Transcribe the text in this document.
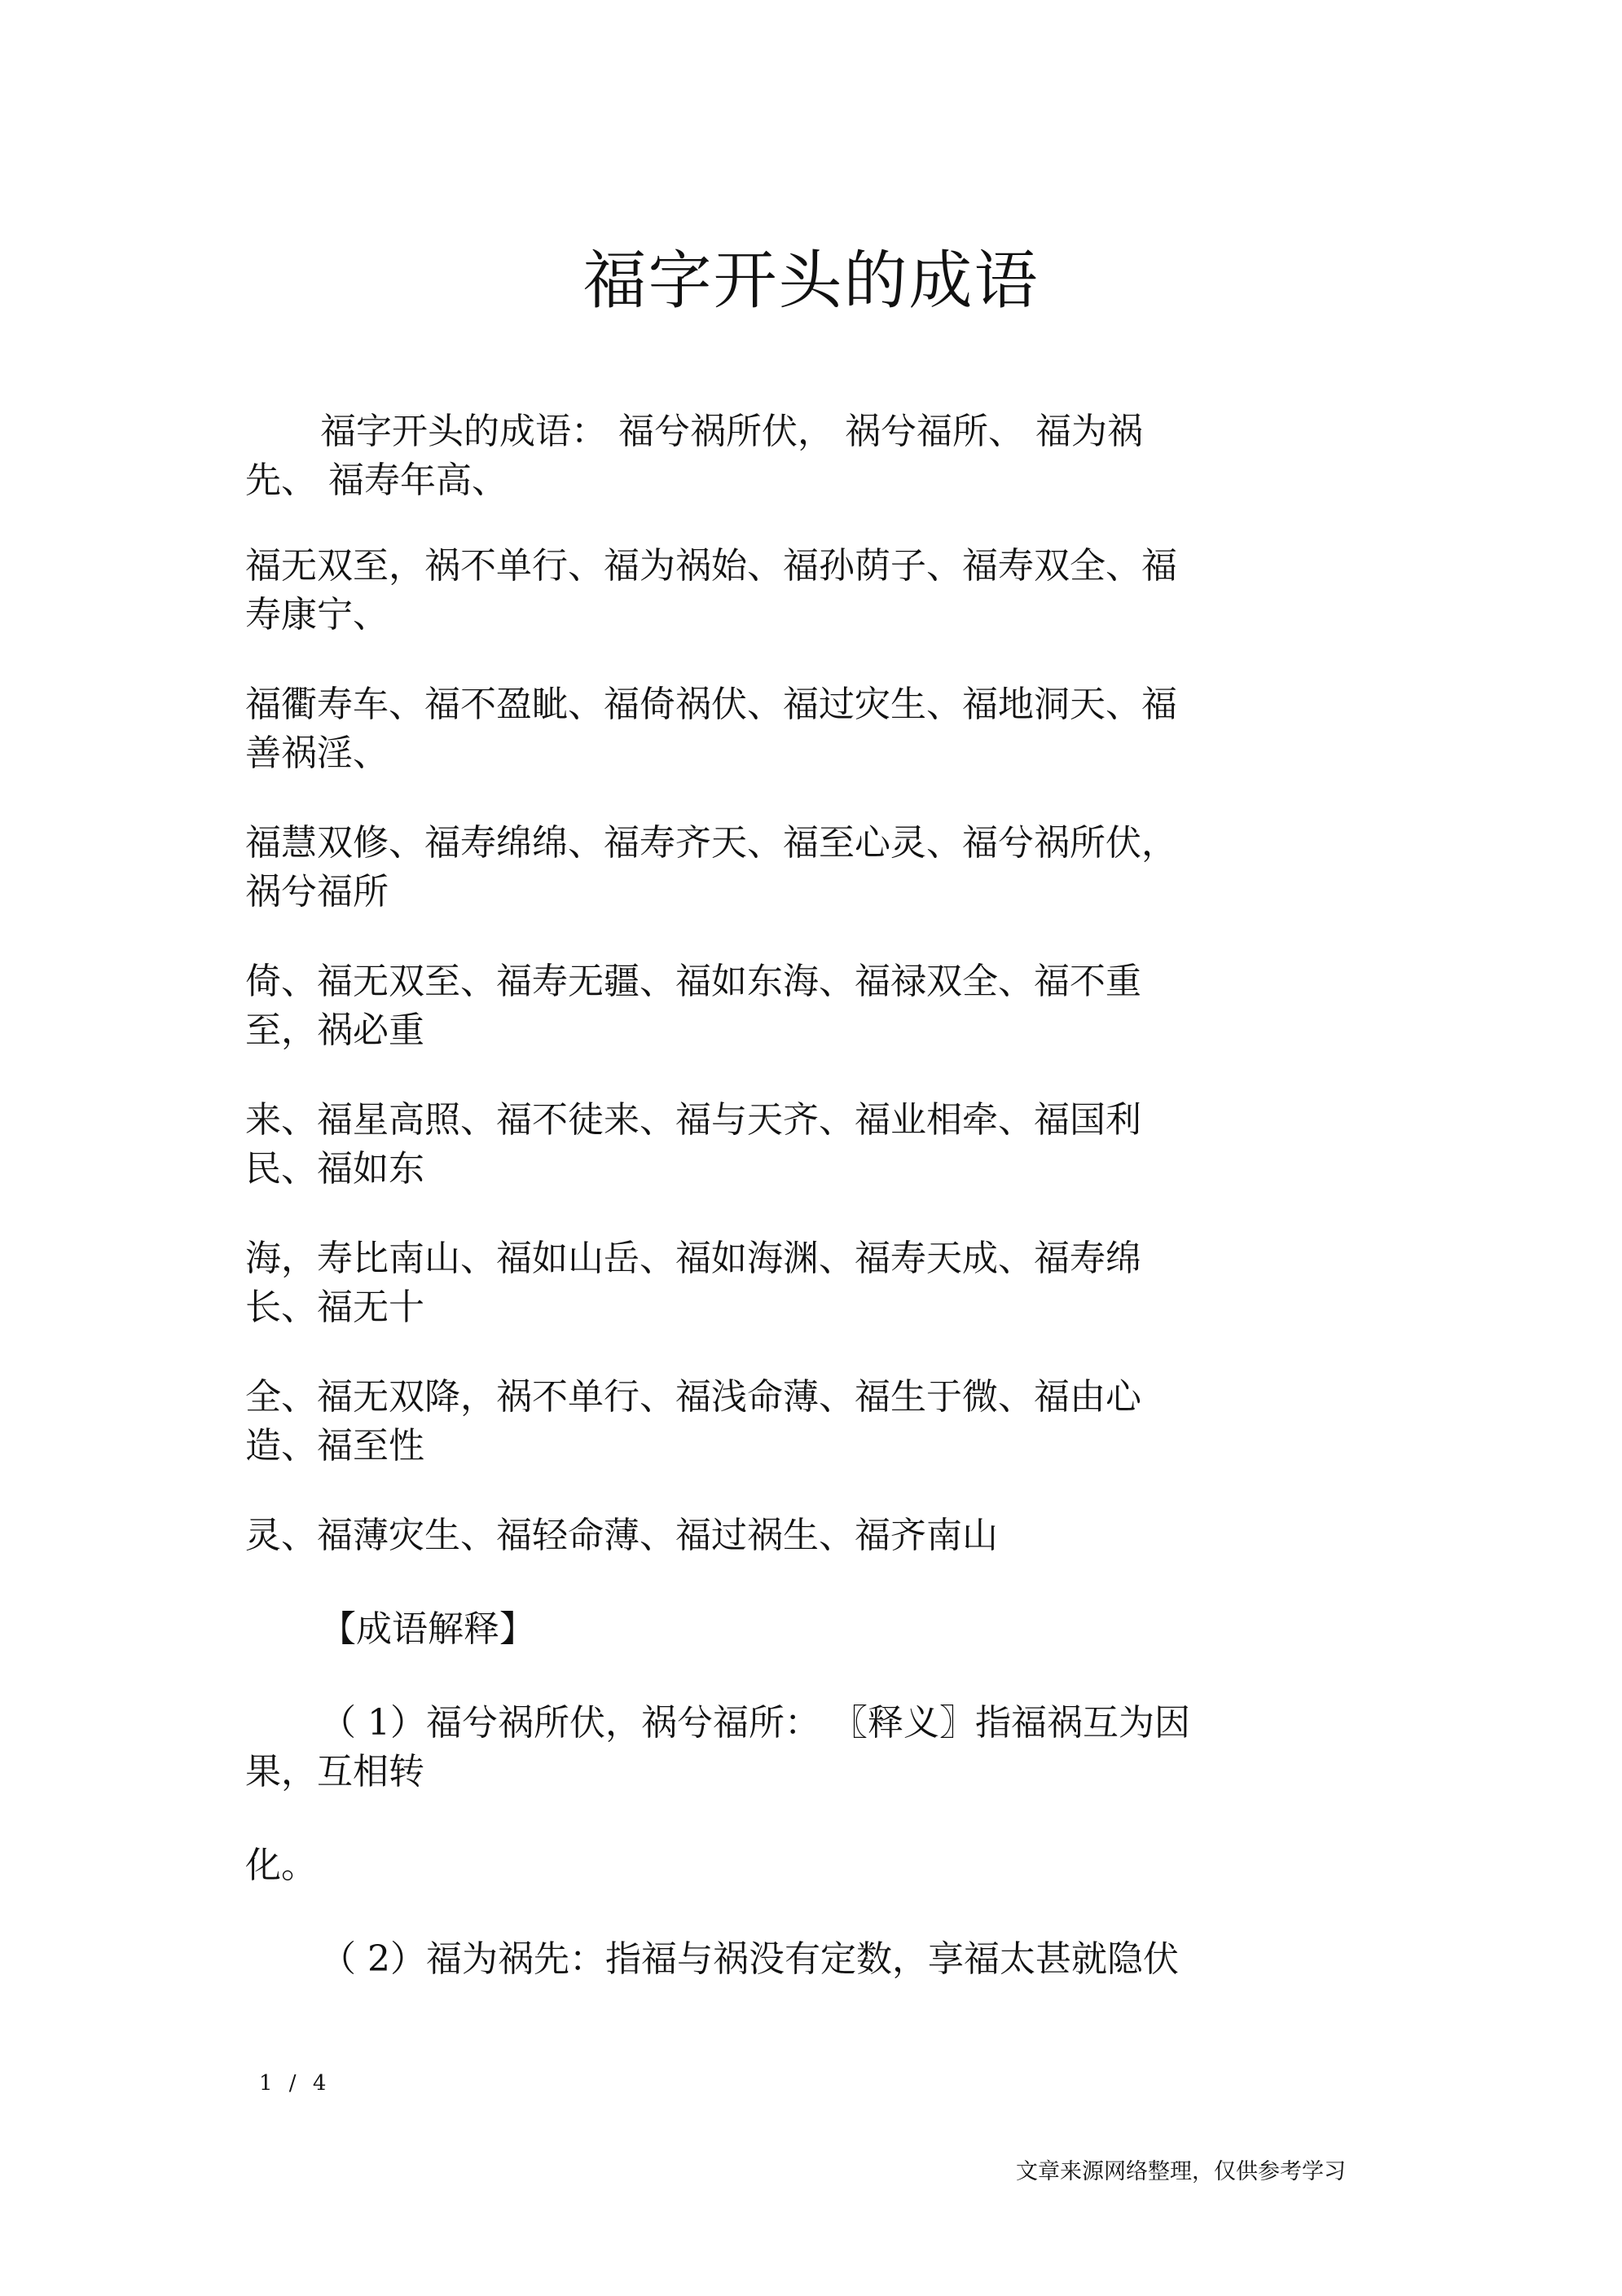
福字开头的成语
福字开头的成语： 福兮祸所伏， 祸兮福所、 福为祸
先、 福寿年高、
福无双至，祸不单行、福为祸始、福孙荫子、福寿双全、福
寿康宁、
福衢寿车、福不盈眦、福倚祸伏、福过灾生、福地洞天、福
善祸淫、
福慧双修、福寿绵绵、福寿齐天、福至心灵、福兮祸所伏，
祸兮福所
倚、福无双至、福寿无疆、福如东海、福禄双全、福不重
至，祸必重
来、福星高照、福不徒来、福与天齐、福业相牵、福国利
民、福如东
海，寿比南山、福如山岳、福如海渊、福寿天成、福寿绵
长、福无十
全、福无双降，祸不单行、福浅命薄、福生于微、福由心
造、福至性
灵、福薄灾生、福轻命薄、福过祸生、福齐南山
【成语解释】
（ 1）福兮祸所伏，祸兮福所： 〖释义〗指福祸互为因
果，互相转
化。
（ 2）福为祸先：指福与祸没有定数，享福太甚就隐伏
1 / 4
文章来源网络整理，仅供参考学习
